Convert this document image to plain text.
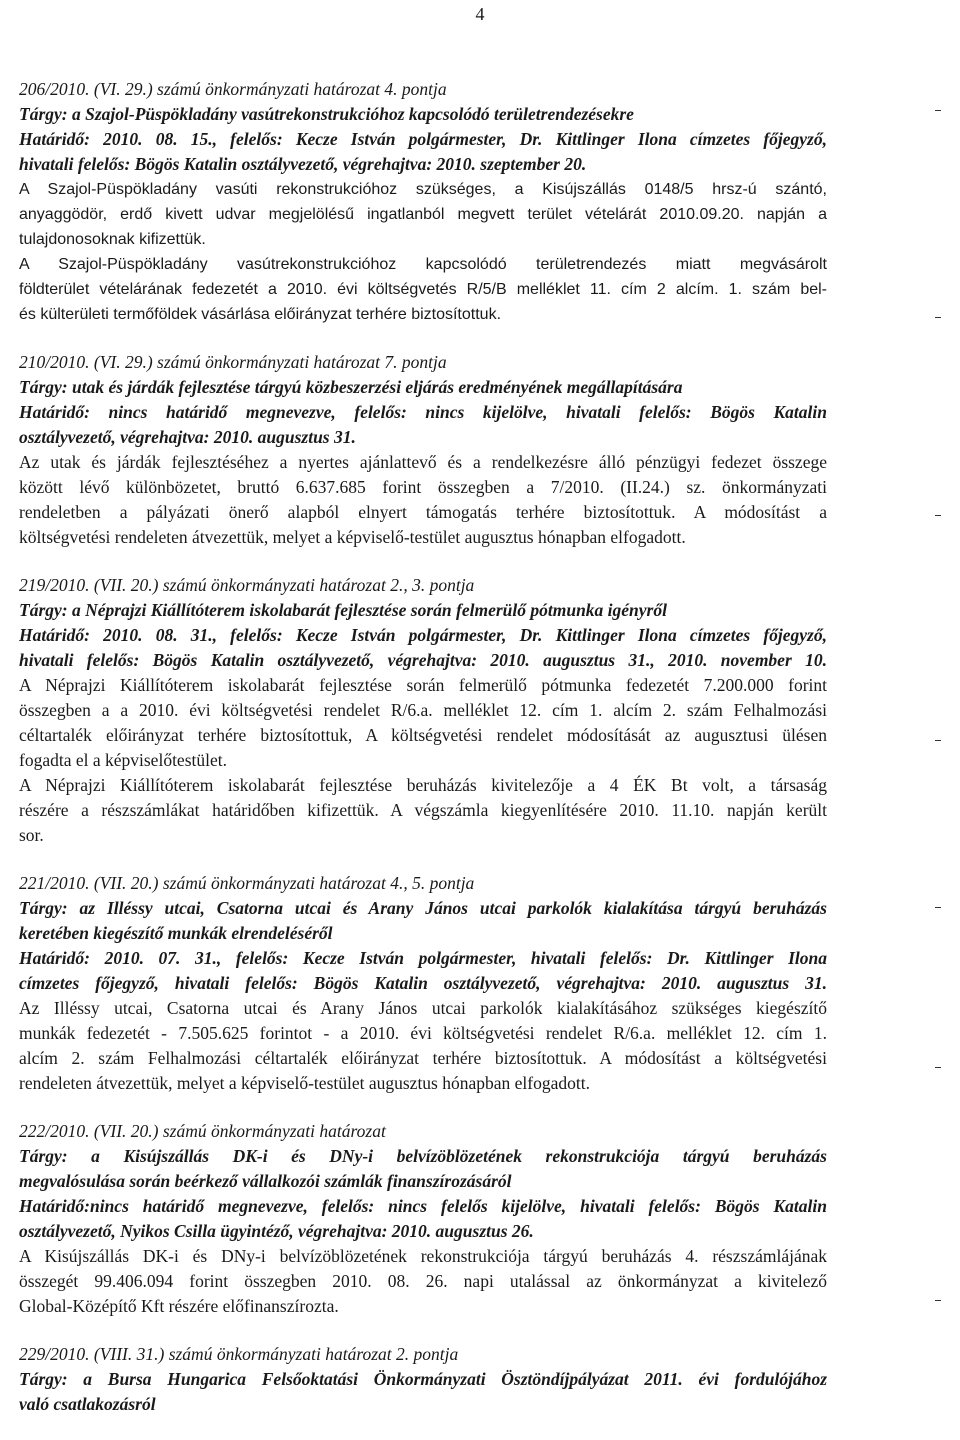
4
206/2010. (VI. 29.) számú önkormányzati határozat 4. pontja
Tárgy: a Szajol-Püspökladány vasútrekonstrukcióhoz kapcsolódó területrendezésekre
Határidő: 2010. 08. 15., felelős: Kecze István polgármester, Dr. Kittlinger Ilona címzetes főjegyző,
hivatali felelős: Bögös Katalin osztályvezető, végrehajtva: 2010. szeptember 20.
A Szajol-Püspökladány vasúti rekonstrukcióhoz szükséges, a Kisújszállás 0148/5 hrsz-ú szántó,
anyaggödör, erdő kivett udvar megjelölésű ingatlanból megvett terület vételárát 2010.09.20. napján a
tulajdonosoknak kifizettük.
A Szajol-Püspökladány vasútrekonstrukcióhoz kapcsolódó területrendezés miatt megvásárolt
földterület vételárának fedezetét a 2010. évi költségvetés R/5/B melléklet 11. cím 2 alcím. 1. szám bel-
és külterületi termőföldek vásárlása előirányzat terhére biztosítottuk.
210/2010. (VI. 29.) számú önkormányzati határozat 7. pontja
Tárgy: utak és járdák fejlesztése tárgyú közbeszerzési eljárás eredményének megállapítására
Határidő: nincs határidő megnevezve, felelős: nincs kijelölve, hivatali felelős: Bögös Katalin
osztályvezető, végrehajtva: 2010. augusztus 31.
Az utak és járdák fejlesztéséhez a nyertes ajánlattevő és a rendelkezésre álló pénzügyi fedezet összege
között lévő különbözetet, bruttó 6.637.685 forint összegben a 7/2010. (II.24.) sz. önkormányzati
rendeletben a pályázati önerő alapból elnyert támogatás terhére biztosítottuk. A módosítást a
költségvetési rendeleten átvezettük, melyet a képviselő-testület augusztus hónapban elfogadott.
219/2010. (VII. 20.) számú önkormányzati határozat 2., 3. pontja
Tárgy: a Néprajzi Kiállítóterem iskolabarát fejlesztése során felmerülő pótmunka igényről
Határidő: 2010. 08. 31., felelős: Kecze István polgármester, Dr. Kittlinger Ilona címzetes főjegyző,
hivatali felelős: Bögös Katalin osztályvezető, végrehajtva: 2010. augusztus 31., 2010. november 10.
A Néprajzi Kiállítóterem iskolabarát fejlesztése során felmerülő pótmunka fedezetét 7.200.000 forint
összegben a a 2010. évi költségvetési rendelet R/6.a. melléklet 12. cím 1. alcím 2. szám Felhalmozási
céltartalék előirányzat terhére biztosítottuk, A költségvetési rendelet módosítását az augusztusi ülésen
fogadta el a képviselőtestület.
A Néprajzi Kiállítóterem iskolabarát fejlesztése beruházás kivitelezője a 4 ÉK Bt volt, a társaság
részére a részszámlákat határidőben kifizettük. A végszámla kiegyenlítésére 2010. 11.10. napján került
sor.
221/2010. (VII. 20.) számú önkormányzati határozat 4., 5. pontja
Tárgy: az Illéssy utcai, Csatorna utcai és Arany János utcai parkolók kialakítása tárgyú beruházás
keretében kiegészítő munkák elrendeléséről
Határidő: 2010. 07. 31., felelős: Kecze István polgármester, hivatali felelős: Dr. Kittlinger Ilona
címzetes főjegyző, hivatali felelős: Bögös Katalin osztályvezető, végrehajtva: 2010. augusztus 31.
Az Illéssy utcai, Csatorna utcai és Arany János utcai parkolók kialakításához szükséges kiegészítő
munkák fedezetét - 7.505.625 forintot - a 2010. évi költségvetési rendelet R/6.a. melléklet 12. cím 1.
alcím 2. szám Felhalmozási céltartalék előirányzat terhére biztosítottuk. A módosítást a költségvetési
rendeleten átvezettük, melyet a képviselő-testület augusztus hónapban elfogadott.
222/2010. (VII. 20.) számú önkormányzati határozat
Tárgy: a Kisújszállás DK-i és DNy-i belvízöblözetének rekonstrukciója tárgyú beruházás
megvalósulása során beérkező vállalkozói számlák finanszírozásáról
Határidő:nincs határidő megnevezve, felelős: nincs felelős kijelölve, hivatali felelős: Bögös Katalin
osztályvezető, Nyikos Csilla ügyintéző, végrehajtva: 2010. augusztus 26.
A Kisújszállás DK-i és DNy-i belvízöblözetének rekonstrukciója tárgyú beruházás 4. részszámlájának
összegét 99.406.094 forint összegben 2010. 08. 26. napi utalással az önkormányzat a kivitelező
Global-Középítő Kft részére előfinanszírozta.
229/2010. (VIII. 31.) számú önkormányzati határozat 2. pontja
Tárgy: a Bursa Hungarica Felsőoktatási Önkormányzati Ösztöndíjpályázat 2011. évi fordulójához
való csatlakozásról
